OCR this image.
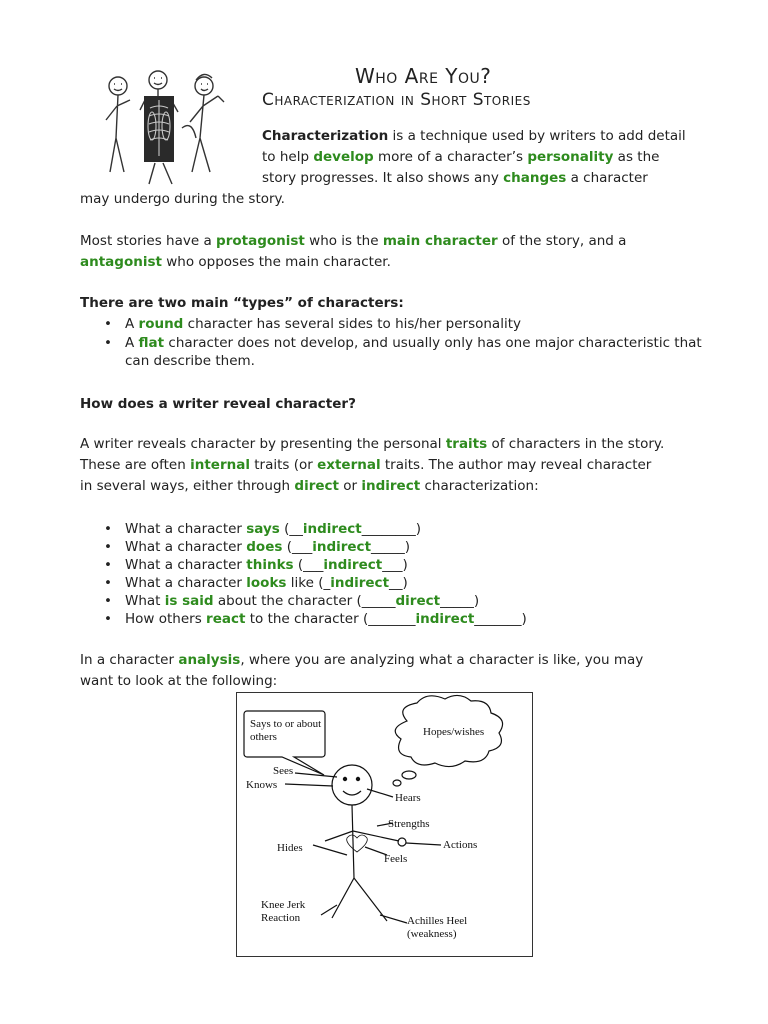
Who Are You?
Characterization in Short Stories
Characterization is a technique used by writers to add detail to help develop more of a character’s personality as the story progresses. It also shows any changes a character
may undergo during the story.
Most stories have a protagonist who is the main character of the story, and a
antagonist who opposes the main character.
There are two main “types” of characters:
• A round character has several sides to his/her personality
• A flat character does not develop, and usually only has one major characteristic that can describe them.
How does a writer reveal character?
A writer reveals character by presenting the personal traits of characters in the story.
These are often internal traits (or external traits. The author may reveal character
in several ways, either through direct or indirect characterization:
• What a character says (__indirect________)
• What a character does (___indirect_____)
• What a character thinks (___indirect___)
• What a character looks like (_indirect__)
• What is said about the character (_____direct_____)
• How others react to the character (_______indirect_______)
In a character analysis, where you are analyzing what a character is like, you may
want to look at the following:
Says to or about others	Hopes/wishes
Sees
Knows
Hears
Strengths
Hides	Actions
Feels
Knee Jerk Reaction	Achilles Heel (weakness)
